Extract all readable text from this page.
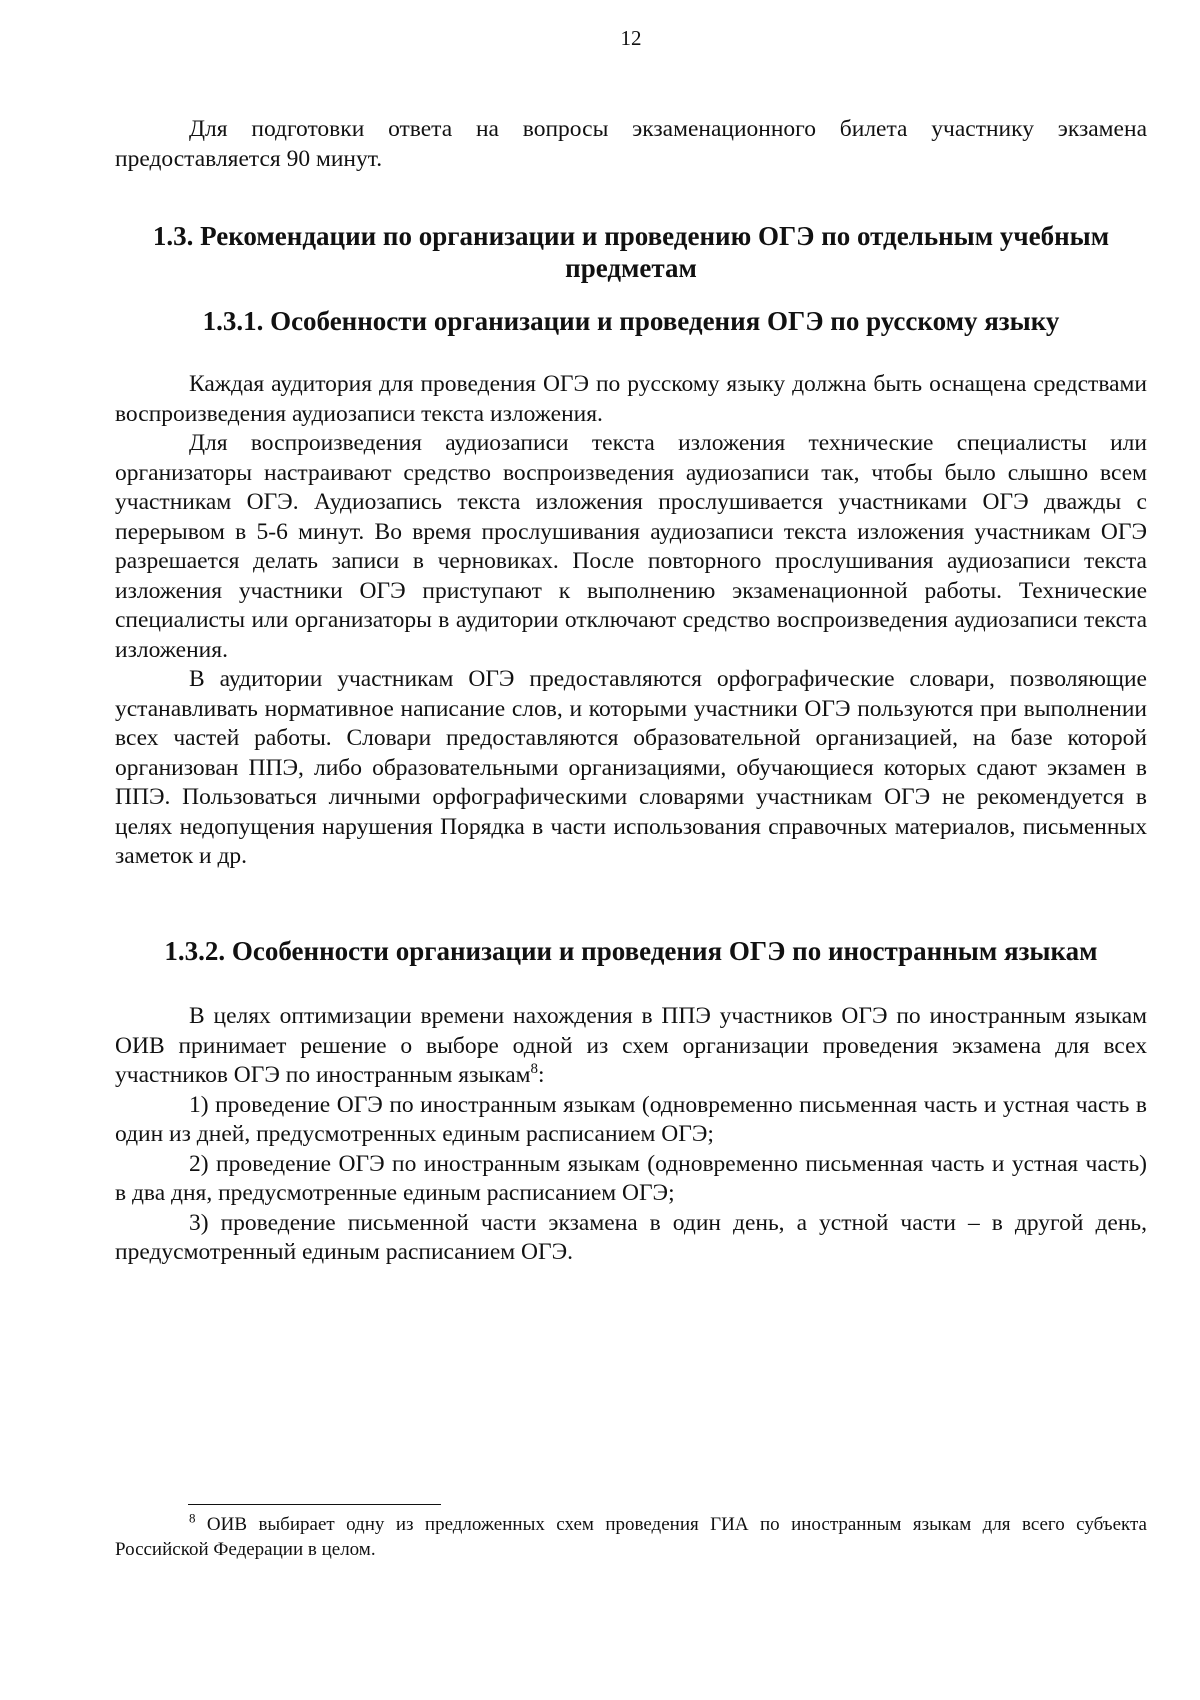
12

Для подготовки ответа на вопросы экзаменационного билета участнику экзамена предоставляется 90 минут.

1.3. Рекомендации по организации и проведению ОГЭ по отдельным учебным предметам
1.3.1. Особенности организации и проведения ОГЭ по русскому языку

Каждая аудитория для проведения ОГЭ по русскому языку должна быть оснащена средствами воспроизведения аудиозаписи текста изложения.

Для воспроизведения аудиозаписи текста изложения технические специалисты или организаторы настраивают средство воспроизведения аудиозаписи так, чтобы было слышно всем участникам ОГЭ. Аудиозапись текста изложения прослушивается участниками ОГЭ дважды с перерывом в 5-6 минут. Во время прослушивания аудиозаписи текста изложения участникам ОГЭ разрешается делать записи в черновиках. После повторного прослушивания аудиозаписи текста изложения участники ОГЭ приступают к выполнению экзаменационной работы. Технические специалисты или организаторы в аудитории отключают средство воспроизведения аудиозаписи текста изложения.

В аудитории участникам ОГЭ предоставляются орфографические словари, позволяющие устанавливать нормативное написание слов, и которыми участники ОГЭ пользуются при выполнении всех частей работы. Словари предоставляются образовательной организацией, на базе которой организован ППЭ, либо образовательными организациями, обучающиеся которых сдают экзамен в ППЭ. Пользоваться личными орфографическими словарями участникам ОГЭ не рекомендуется в целях недопущения нарушения Порядка в части использования справочных материалов, письменных заметок и др.

1.3.2. Особенности организации и проведения ОГЭ по иностранным языкам

В целях оптимизации времени нахождения в ППЭ участников ОГЭ по иностранным языкам ОИВ принимает решение о выборе одной из схем организации проведения экзамена для всех участников ОГЭ по иностранным языкам$^8$:

1) проведение ОГЭ по иностранным языкам (одновременно письменная часть и устная часть в один из дней, предусмотренных единым расписанием ОГЭ;

2) проведение ОГЭ по иностранным языкам (одновременно письменная часть и устная часть) в два дня, предусмотренные единым расписанием ОГЭ;

3) проведение письменной части экзамена в один день, а устной части – в другой день, предусмотренный единым расписанием ОГЭ.

$^8$ ОИВ выбирает одну из предложенных схем проведения ГИА по иностранным языкам для всего субъекта Российской Федерации в целом.
